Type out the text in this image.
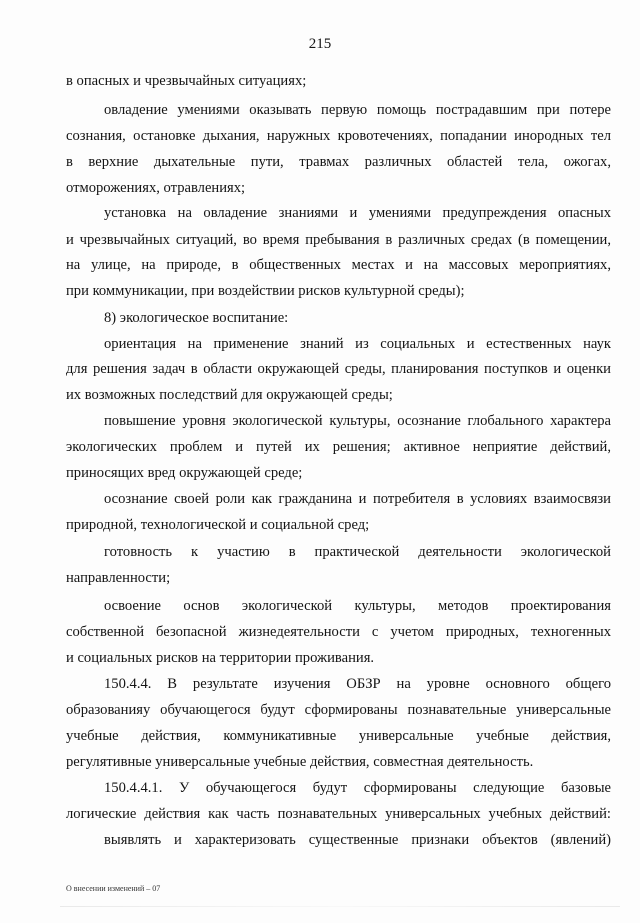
215
в опасных и чрезвычайных ситуациях;
овладение умениями оказывать первую помощь пострадавшим при потере
сознания, остановке дыхания, наружных кровотечениях, попадании инородных тел
в верхние дыхательные пути, травмах различных областей тела, ожогах,
отморожениях, отравлениях;
установка на овладение знаниями и умениями предупреждения опасных
и чрезвычайных ситуаций, во время пребывания в различных средах (в помещении,
на улице, на природе, в общественных местах и на массовых мероприятиях,
при коммуникации, при воздействии рисков культурной среды);
8) экологическое воспитание:
ориентация на применение знаний из социальных и естественных наук
для решения задач в области окружающей среды, планирования поступков и оценки
их возможных последствий для окружающей среды;
повышение уровня экологической культуры, осознание глобального характера
экологических проблем и путей их решения; активное неприятие действий,
приносящих вред окружающей среде;
осознание своей роли как гражданина и потребителя в условиях взаимосвязи
природной, технологической и социальной сред;
готовность к участию в практической деятельности экологической
направленности;
освоение основ экологической культуры, методов проектирования
собственной безопасной жизнедеятельности с учетом природных, техногенных
и социальных рисков на территории проживания.
150.4.4. В результате изучения ОБЗР на уровне основного общего
образованияу обучающегося будут сформированы познавательные универсальные
учебные действия, коммуникативные универсальные учебные действия,
регулятивные универсальные учебные действия, совместная деятельность.
150.4.4.1. У обучающегося будут сформированы следующие базовые
логические действия как часть познавательных универсальных учебных действий:
выявлять и характеризовать существенные признаки объектов (явлений)
О внесении изменений – 07
